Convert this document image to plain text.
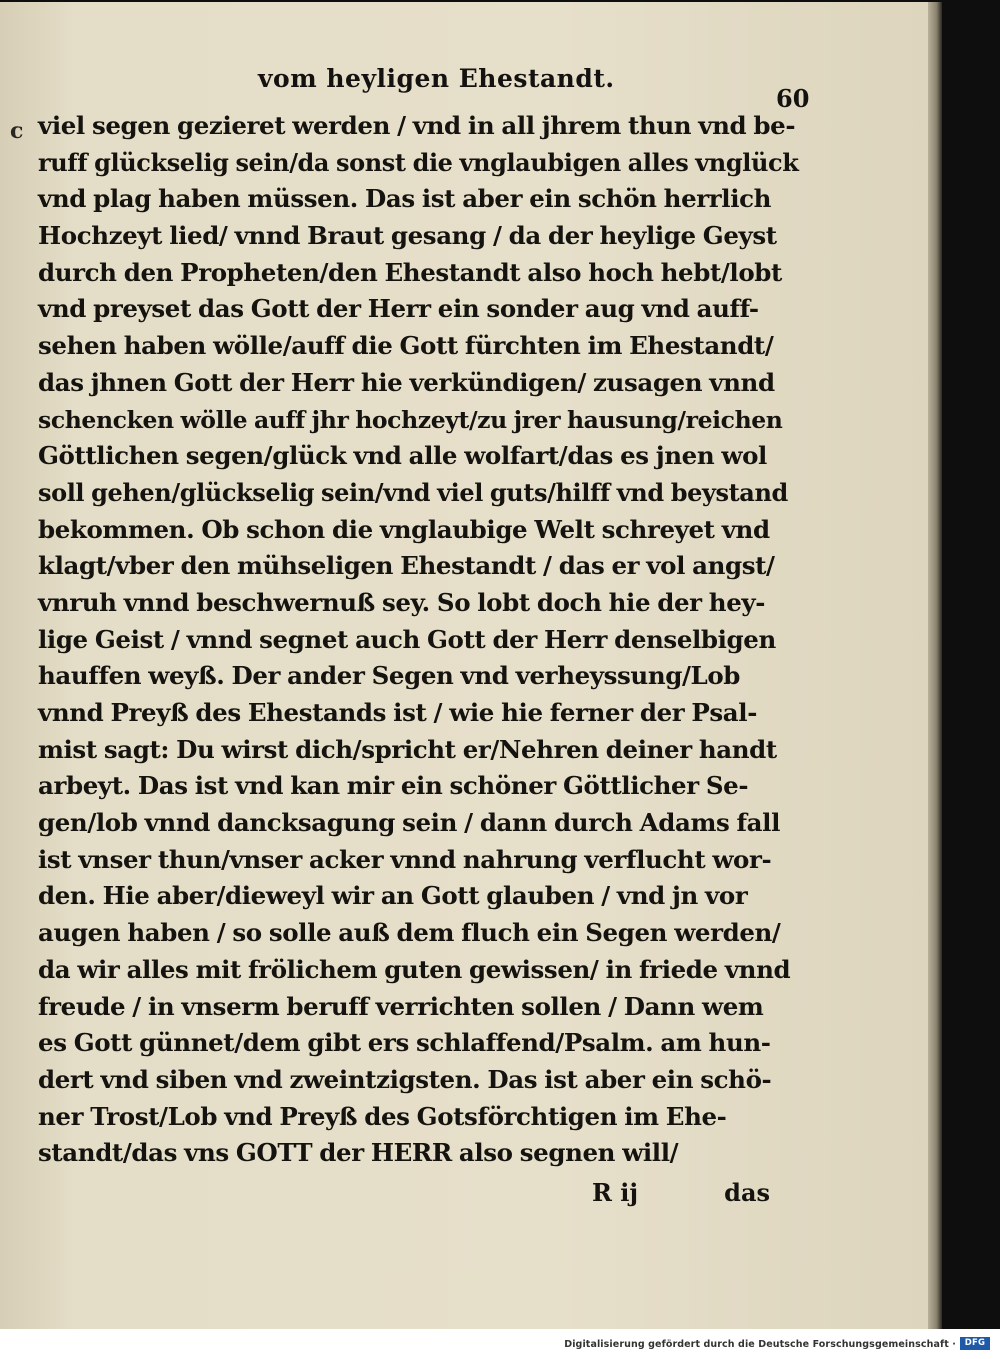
c
vom heyligen Ehestandt.
60
viel segen gezieret werden / vnd in all jhrem thun vnd be-
ruff glückselig sein/da sonst die vnglaubigen alles vnglück
vnd plag haben müssen. Das ist aber ein schön herrlich
Hochzeyt lied/ vnnd Braut gesang / da der heylige Geyst
durch den Propheten/den Ehestandt also hoch hebt/lobt
vnd preyset das Gott der Herr ein sonder aug vnd auff-
sehen haben wölle/auff die Gott fürchten im Ehestandt/
das jhnen Gott der Herr hie verkündigen/ zusagen vnnd
schencken wölle auff jhr hochzeyt/zu jrer hausung/reichen
Göttlichen segen/glück vnd alle wolfart/das es jnen wol
soll gehen/glückselig sein/vnd viel guts/hilff vnd beystand
bekommen. Ob schon die vnglaubige Welt schreyet vnd
klagt/vber den mühseligen Ehestandt / das er vol angst/
vnruh vnnd beschwernuß sey. So lobt doch hie der hey-
lige Geist / vnnd segnet auch Gott der Herr denselbigen
hauffen weyß. Der ander Segen vnd verheyssung/Lob
vnnd Preyß des Ehestands ist / wie hie ferner der Psal-
mist sagt: Du wirst dich/spricht er/Nehren deiner handt
arbeyt. Das ist vnd kan mir ein schöner Göttlicher Se-
gen/lob vnnd dancksagung sein / dann durch Adams fall
ist vnser thun/vnser acker vnnd nahrung verflucht wor-
den. Hie aber/dieweyl wir an Gott glauben / vnd jn vor
augen haben / so solle auß dem fluch ein Segen werden/
da wir alles mit frölichem guten gewissen/ in friede vnnd
freude / in vnserm beruff verrichten sollen / Dann wem
es Gott günnet/dem gibt ers schlaffend/Psalm. am hun-
dert vnd siben vnd zweintzigsten. Das ist aber ein schö-
ner Trost/Lob vnd Preyß des Gotsförchtigen im Ehe-
standt/das vns GOTT der HERR also segnen will/
R ij	das
Digitalisierung gefördert durch die Deutsche Forschungsgemeinschaft ·	DFG
